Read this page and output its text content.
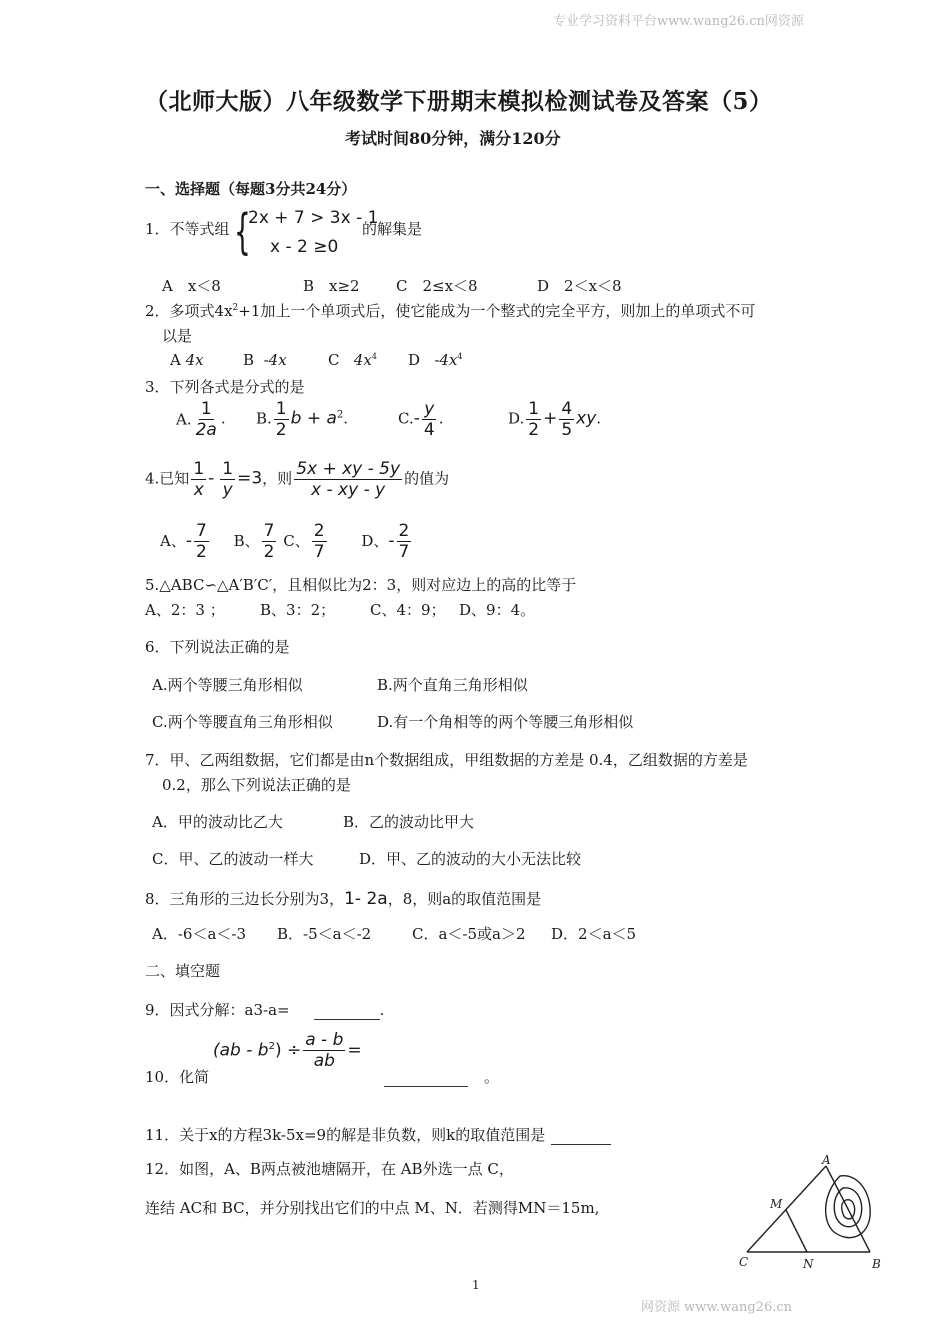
专业学习资料平台www.wang26.cn网资源
网资源 www.wang26.cn
1
（北师大版）八年级数学下册期末模拟检测试卷及答案（5）
考试时间80分钟，满分120分
一、选择题（每题3分共24分）
1．不等式组 {
2x + 7 > 3x - 1
x - 2 ≥0
的解集是
A　x＜8	B　x≥2 C　2≤x＜8	D　2＜x＜8
2．多项式$4x^2+1$加上一个单项式后，使它能成为一个整式的完全平方，则加上的单项式不可
以是
A 4x	B -4x	C $4x^4$ D $-4x^4$
3．下列各式是分式的是
A. $\frac{1}{2a}$ . B. $\frac{1}{2}$ $b + a^2$.	$C.- \frac{y}{4}$ .	D. $\frac{1}{2} + \frac{4}{5}$ xy.
4.已知 $\frac{1}{x} - \frac{1}{y} =3$，则 $\frac{5x + xy - 5y}{x - xy - y}$ 的值为
A、- $\frac{7}{2}$ B、 $\frac{7}{2}$ C、 $\frac{2}{7}$ D、- $\frac{2}{7}$
5.△ABC∽△A′B′C′，且相似比为2：3，则对应边上的高的比等于
A、2：3 ； B、3：2； C、4：9； D、9：4。
6．下列说法正确的是
A.两个等腰三角形相似	B.两个直角三角形相似
C.两个等腰直角三角形相似	D.有一个角相等的两个等腰三角形相似
7．甲、乙两组数据，它们都是由n个数据组成，甲组数据的方差是 0.4，乙组数据的方差是
0.2，那么下列说法正确的是
A．甲的波动比乙大	B．乙的波动比甲大
C．甲、乙的波动一样大	D．甲、乙的波动的大小无法比较
8．三角形的三边长分别为3，1- 2a，8，则a的取值范围是
A．-6＜a＜-3 B．-5＜a＜-2	C．a＜-5或a＞2 D．2＜a＜5
二、填空题
9．因式分解：a3-a=	.
10．化简
$(ab - b^2) \div \frac{a - b}{ab}$ =
。
11．关于x的方程3k-5x=9的解是非负数，则k的取值范围是
12．如图，A、B两点被池塘隔开，在 AB外选一点 C，
连结 AC和 BC，并分别找出它们的中点 M、N．若测得MN＝15m,
A
B
C
M
N
